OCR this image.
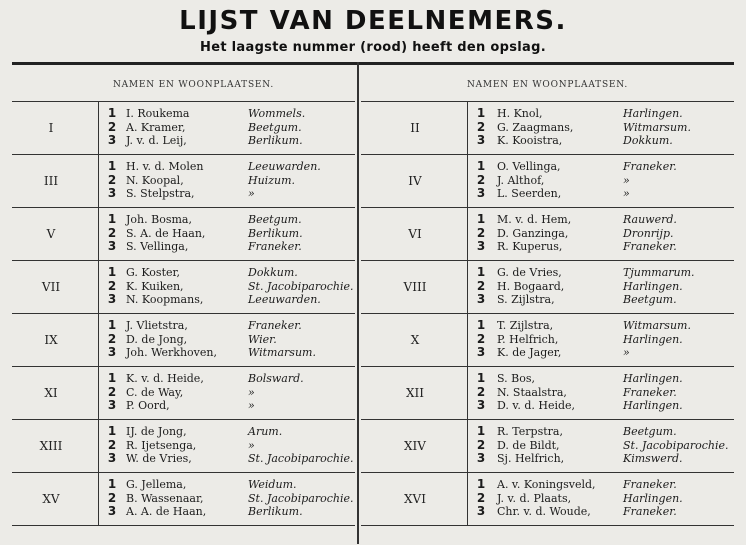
LIJST VAN DEELNEMERS.
Het laagste nummer (rood) heeft den opslag.
NAMEN EN WOONPLAATSEN.
I
1 I. Roukema	Wommels.
2 A. Kramer,	Beetgum.
3 J. v. d. Leij,	Berlikum.
III
1 H. v. d. Molen	Leeuwarden.
2 N. Koopal,	Huizum.
3 S. Stelpstra,	»
V
1 Joh. Bosma,	Beetgum.
2 S. A. de Haan,	Berlikum.
3 S. Vellinga,	Franeker.
VII
1 G. Koster,	Dokkum.
2 K. Kuiken,	St. Jacobiparochie.
3 N. Koopmans,	Leeuwarden.
IX
1 J. Vlietstra,	Franeker.
2 D. de Jong,	Wier.
3 Joh. Werkhoven,	Witmarsum.
XI
1 K. v. d. Heide,	Bolsward.
2 C. de Way,	»
3 P. Oord,	»
XIII
1 IJ. de Jong,	Arum.
2 R. Ijetsenga,	»
3 W. de Vries,	St. Jacobiparochie.
XV
1 G. Jellema,	Weidum.
2 B. Wassenaar,	St. Jacobiparochie.
3 A. A. de Haan,	Berlikum.
NAMEN EN WOONPLAATSEN.
II
1 H. Knol,	Harlingen.
2 G. Zaagmans,	Witmarsum.
3 K. Kooistra,	Dokkum.
IV
1 O. Vellinga,	Franeker.
2 J. Althof,	»
3 L. Seerden,	»
VI
1 M. v. d. Hem,	Rauwerd.
2 D. Ganzinga,	Dronrijp.
3 R. Kuperus,	Franeker.
VIII
1 G. de Vries,	Tjummarum.
2 H. Bogaard,	Harlingen.
3 S. Zijlstra,	Beetgum.
X
1 T. Zijlstra,	Witmarsum.
2 P. Helfrich,	Harlingen.
3 K. de Jager,	»
XII
1 S. Bos,	Harlingen.
2 N. Staalstra,	Franeker.
3 D. v. d. Heide,	Harlingen.
XIV
1 R. Terpstra,	Beetgum.
2 D. de Bildt,	St. Jacobiparochie.
3 Sj. Helfrich,	Kimswerd.
XVI
1 A. v. Koningsveld, Franeker.
2 J. v. d. Plaats,	Harlingen.
3 Chr. v. d. Woude,	Franeker.
